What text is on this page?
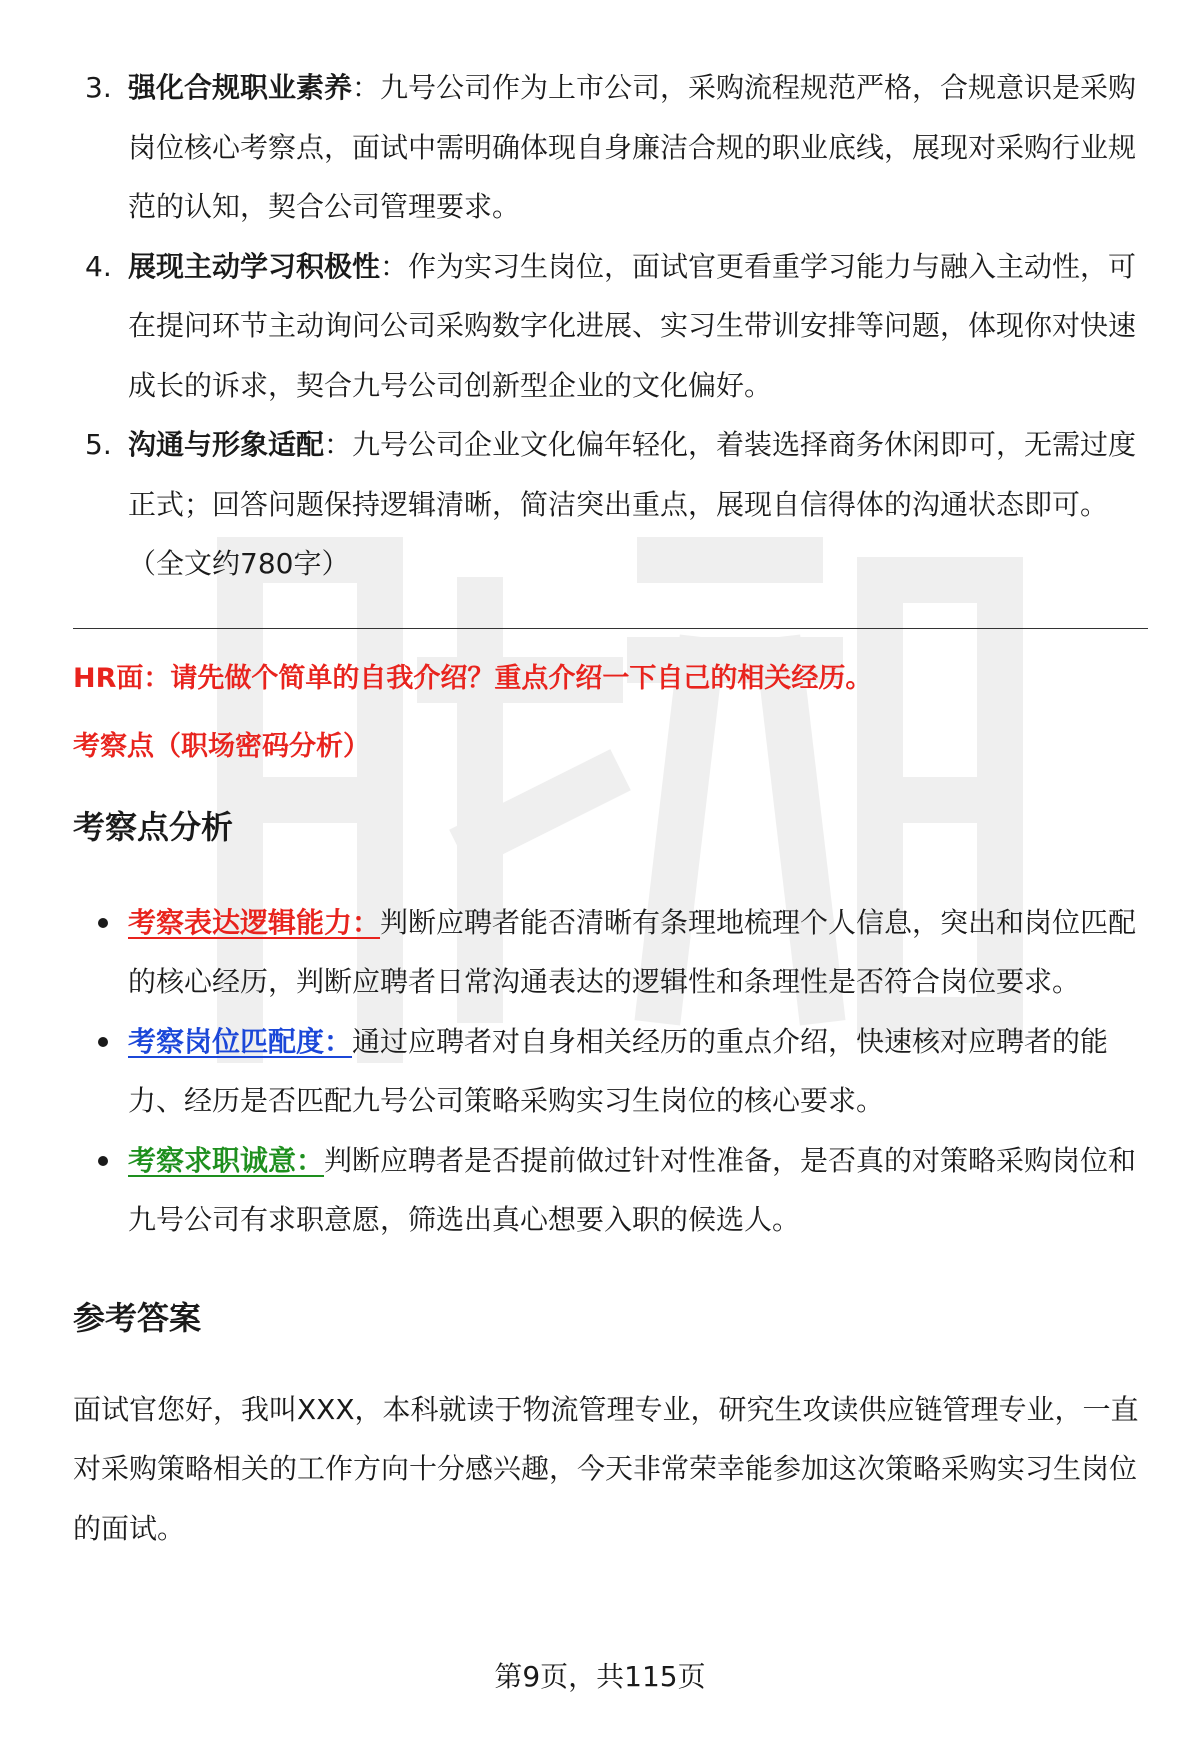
3. 强化合规职业素养：九号公司作为上市公司，采购流程规范严格，合规意识是采购岗位核心考察点，面试中需明确体现自身廉洁合规的职业底线，展现对采购行业规范的认知，契合公司管理要求。
4. 展现主动学习积极性：作为实习生岗位，面试官更看重学习能力与融入主动性，可在提问环节主动询问公司采购数字化进展、实习生带训安排等问题，体现你对快速成长的诉求，契合九号公司创新型企业的文化偏好。
5. 沟通与形象适配：九号公司企业文化偏年轻化，着装选择商务休闲即可，无需过度正式；回答问题保持逻辑清晰，简洁突出重点，展现自信得体的沟通状态即可。（全文约780字）

HR面：请先做个简单的自我介绍？重点介绍一下自己的相关经历。

考察点（职场密码分析）

考察点分析
考察表达逻辑能力：判断应聘者能否清晰有条理地梳理个人信息，突出和岗位匹配的核心经历，判断应聘者日常沟通表达的逻辑性和条理性是否符合岗位要求。
考察岗位匹配度：通过应聘者对自身相关经历的重点介绍，快速核对应聘者的能力、经历是否匹配九号公司策略采购实习生岗位的核心要求。
考察求职诚意：判断应聘者是否提前做过针对性准备，是否真的对策略采购岗位和九号公司有求职意愿，筛选出真心想要入职的候选人。
参考答案

面试官您好，我叫XXX，本科就读于物流管理专业，研究生攻读供应链管理专业，一直对采购策略相关的工作方向十分感兴趣，今天非常荣幸能参加这次策略采购实习生岗位的面试。

第9页，共115页
